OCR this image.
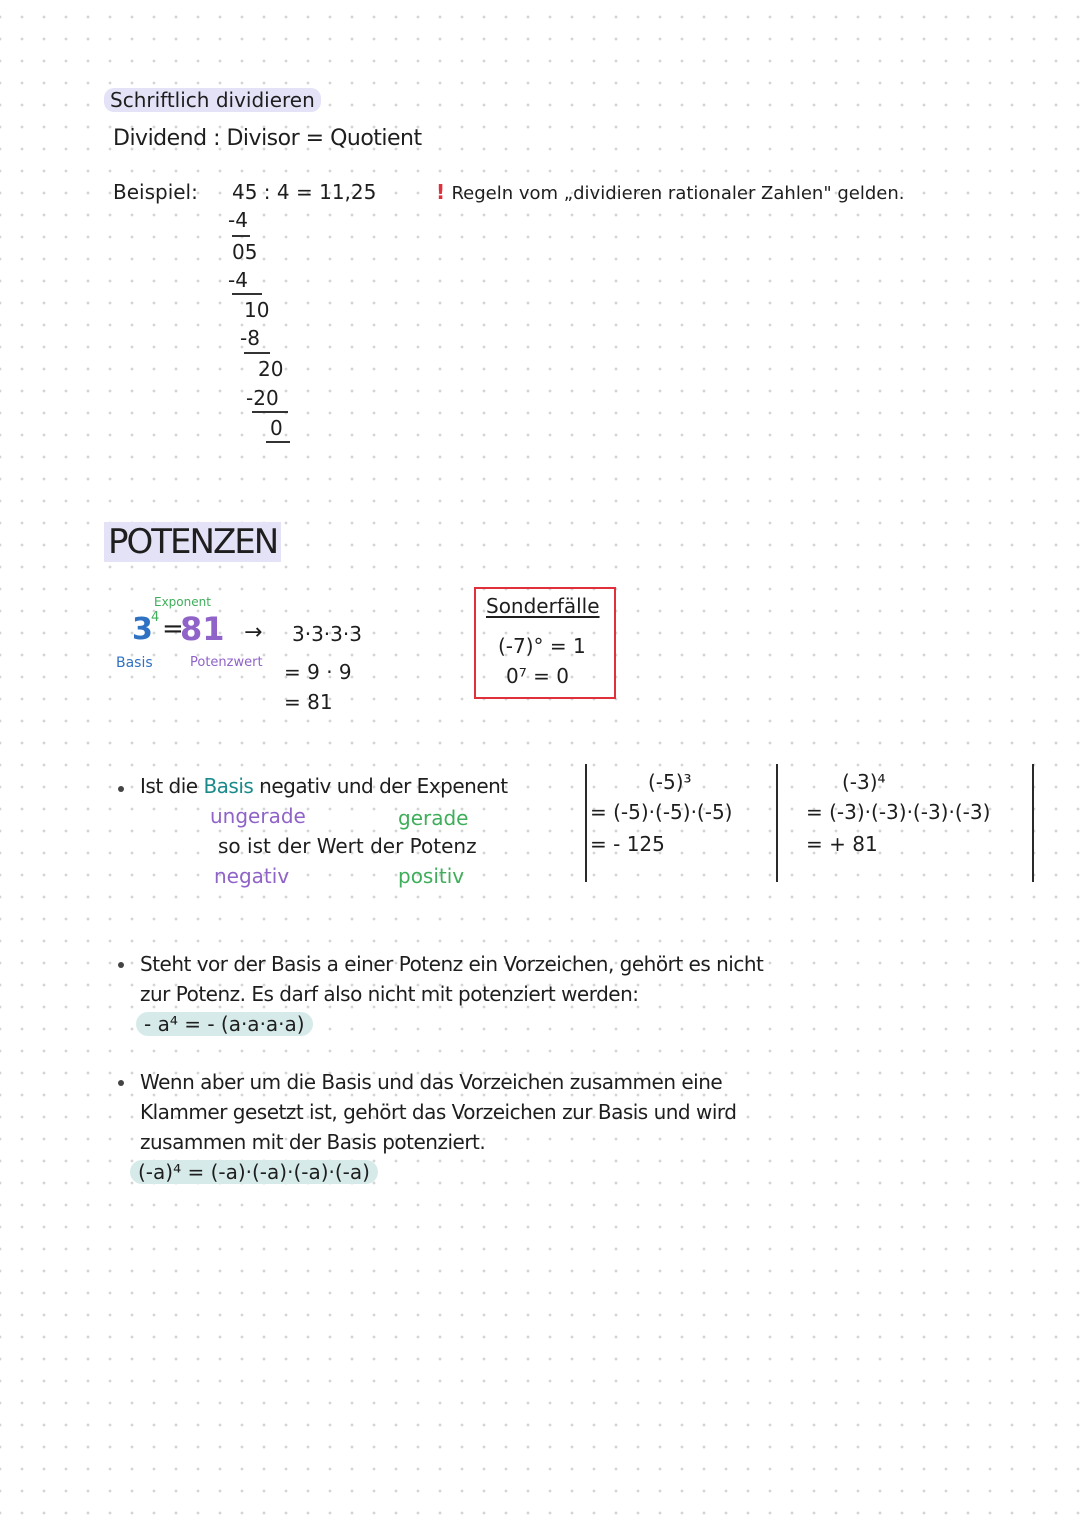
Schriftlich dividieren
Dividend : Divisor = Quotient
Beispiel: 45 : 4 = 11,25	! Regeln vom „dividieren rationaler Zahlen" gelden.
-4
05
-4
10
-8
20
-20
0
POTENZEN
Exponent
3
4 =
81
Basis	Potenzwert
→ 3·3·3·3
= 9 · 9
= 81
Sonderfälle
(-7)° = 1
0⁷ = 0
Ist die Basis negativ und der Expenent
ungerade	gerade
so ist der Wert der Potenz
negativ	positiv
(-5)³
= (-5)·(-5)·(-5)
= - 125
(-3)⁴
= (-3)·(-3)·(-3)·(-3)
= + 81
Steht vor der Basis a einer Potenz ein Vorzeichen, gehört es nicht
zur Potenz. Es darf also nicht mit potenziert werden:
- a⁴ = - (a·a·a·a)
Wenn aber um die Basis und das Vorzeichen zusammen eine
Klammer gesetzt ist, gehört das Vorzeichen zur Basis und wird
zusammen mit der Basis potenziert.
(-a)⁴ = (-a)·(-a)·(-a)·(-a)
